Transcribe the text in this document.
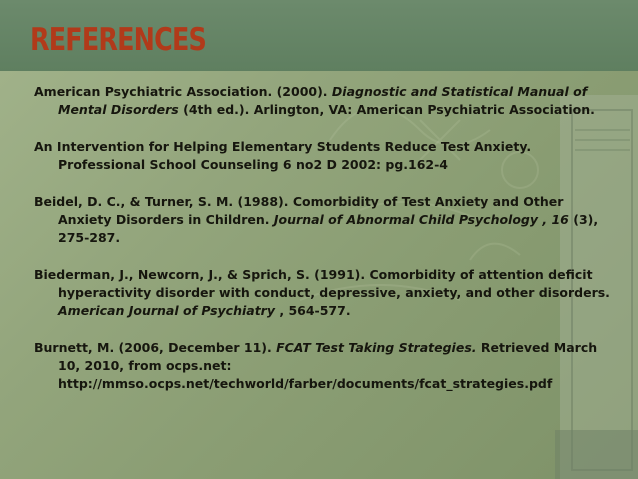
REFERENCES
American Psychiatric Association. (2000). Diagnostic and Statistical Manual of Mental Disorders (4th ed.). Arlington, VA: American Psychiatric Association.
An Intervention for Helping Elementary Students Reduce Test Anxiety. Professional School Counseling 6 no2 D 2002: pg.162-4
Beidel, D. C., & Turner, S. M. (1988). Comorbidity of Test Anxiety and Other Anxiety Disorders in Children. Journal of Abnormal Child Psychology , 16 (3), 275-287.
Biederman, J., Newcorn, J., & Sprich, S. (1991). Comorbidity of attention deficit hyperactivity disorder with conduct, depressive, anxiety, and other disorders. American Journal of Psychiatry , 564-577.
Burnett, M. (2006, December 11). FCAT Test Taking Strategies. Retrieved March 10, 2010, from ocps.net: http://mmso.ocps.net/techworld/farber/documents/fcat_strategies.pdf
